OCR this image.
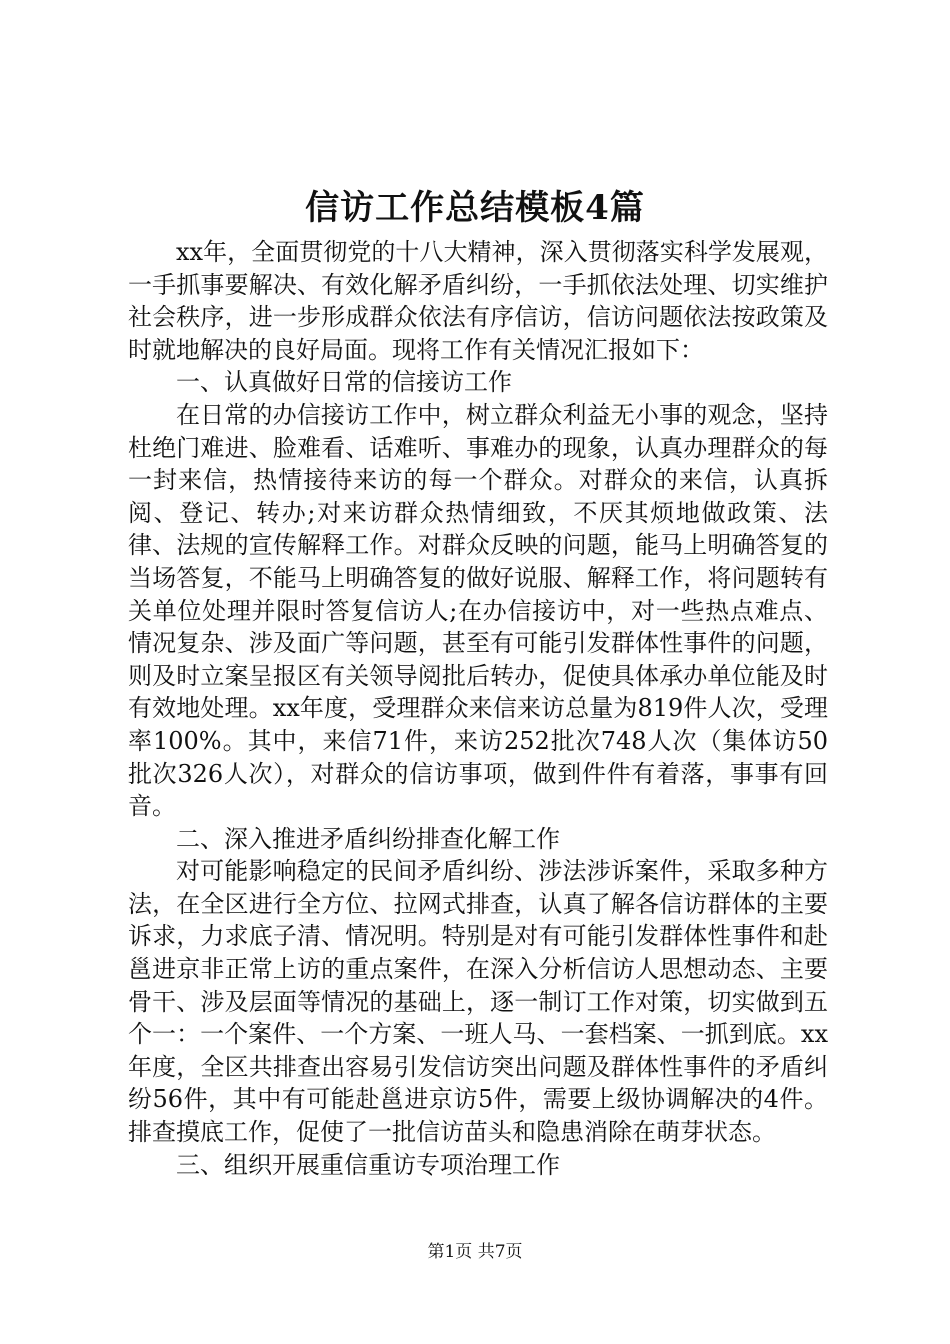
信访工作总结模板4篇

xx年，全面贯彻党的十八大精神，深入贯彻落实科学发展观，一手抓事要解决、有效化解矛盾纠纷，一手抓依法处理、切实维护社会秩序，进一步形成群众依法有序信访，信访问题依法按政策及时就地解决的良好局面。现将工作有关情况汇报如下：

一、认真做好日常的信接访工作

在日常的办信接访工作中，树立群众利益无小事的观念，坚持杜绝门难进、脸难看、话难听、事难办的现象，认真办理群众的每一封来信，热情接待来访的每一个群众。对群众的来信，认真拆阅、登记、转办;对来访群众热情细致，不厌其烦地做政策、法律、法规的宣传解释工作。对群众反映的问题，能马上明确答复的当场答复，不能马上明确答复的做好说服、解释工作，将问题转有关单位处理并限时答复信访人;在办信接访中，对一些热点难点、情况复杂、涉及面广等问题，甚至有可能引发群体性事件的问题，则及时立案呈报区有关领导阅批后转办，促使具体承办单位能及时有效地处理。xx年度，受理群众来信来访总量为819件人次，受理率100%。其中，来信71件，来访252批次748人次（集体访50批次326人次），对群众的信访事项，做到件件有着落，事事有回音。

二、深入推进矛盾纠纷排查化解工作

对可能影响稳定的民间矛盾纠纷、涉法涉诉案件，采取多种方法，在全区进行全方位、拉网式排查，认真了解各信访群体的主要诉求，力求底子清、情况明。特别是对有可能引发群体性事件和赴邕进京非正常上访的重点案件，在深入分析信访人思想动态、主要骨干、涉及层面等情况的基础上，逐一制订工作对策，切实做到五个一：一个案件、一个方案、一班人马、一套档案、一抓到底。xx年度，全区共排查出容易引发信访突出问题及群体性事件的矛盾纠纷56件，其中有可能赴邕进京访5件，需要上级协调解决的4件。排查摸底工作，促使了一批信访苗头和隐患消除在萌芽状态。

三、组织开展重信重访专项治理工作

第1页 共7页
